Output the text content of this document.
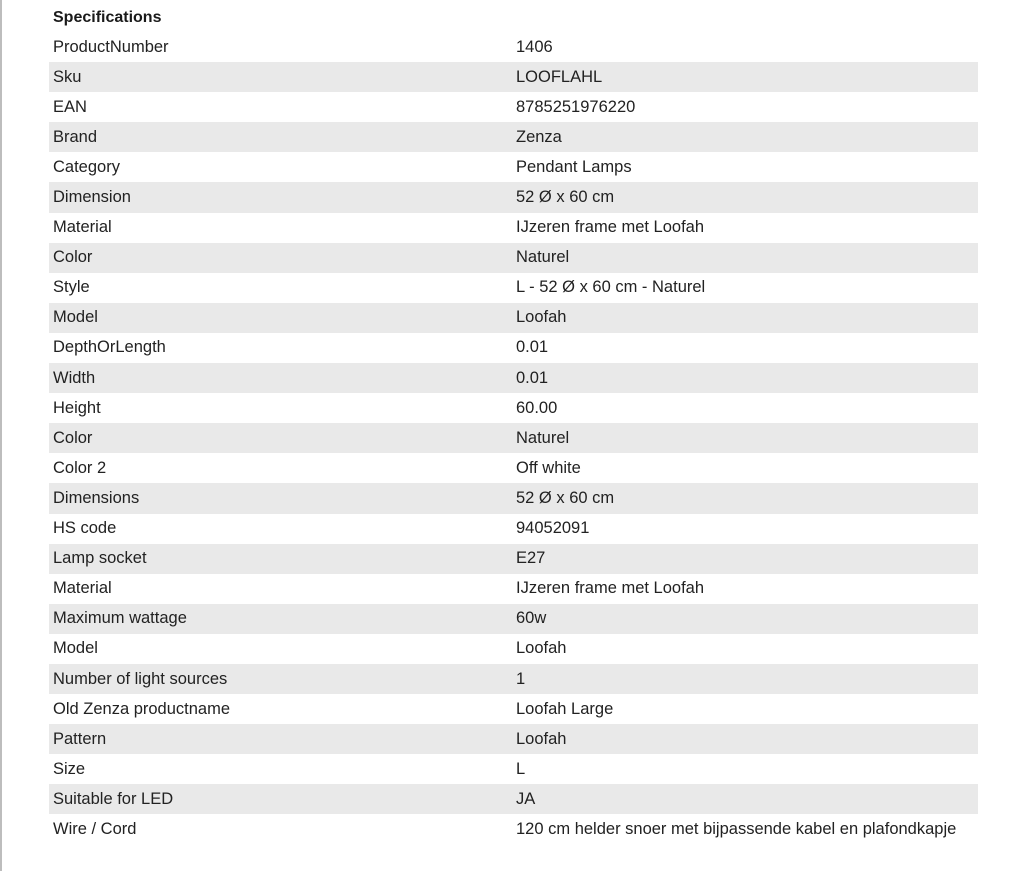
Specifications
ProductNumber	1406
Sku	LOOFLAHL
EAN	8785251976220
Brand	Zenza
Category	Pendant Lamps
Dimension	52 Ø x 60 cm
Material	IJzeren frame met Loofah
Color	Naturel
Style	L - 52 Ø x 60 cm - Naturel
Model	Loofah
DepthOrLength	0.01
Width	0.01
Height	60.00
Color	Naturel
Color 2	Off white
Dimensions	52 Ø x 60 cm
HS code	94052091
Lamp socket	E27
Material	IJzeren frame met Loofah
Maximum wattage	60w
Model	Loofah
Number of light sources	1
Old Zenza productname	Loofah Large
Pattern	Loofah
Size	L
Suitable for LED	JA
Wire / Cord	120 cm helder snoer met bijpassende kabel en plafondkapje
